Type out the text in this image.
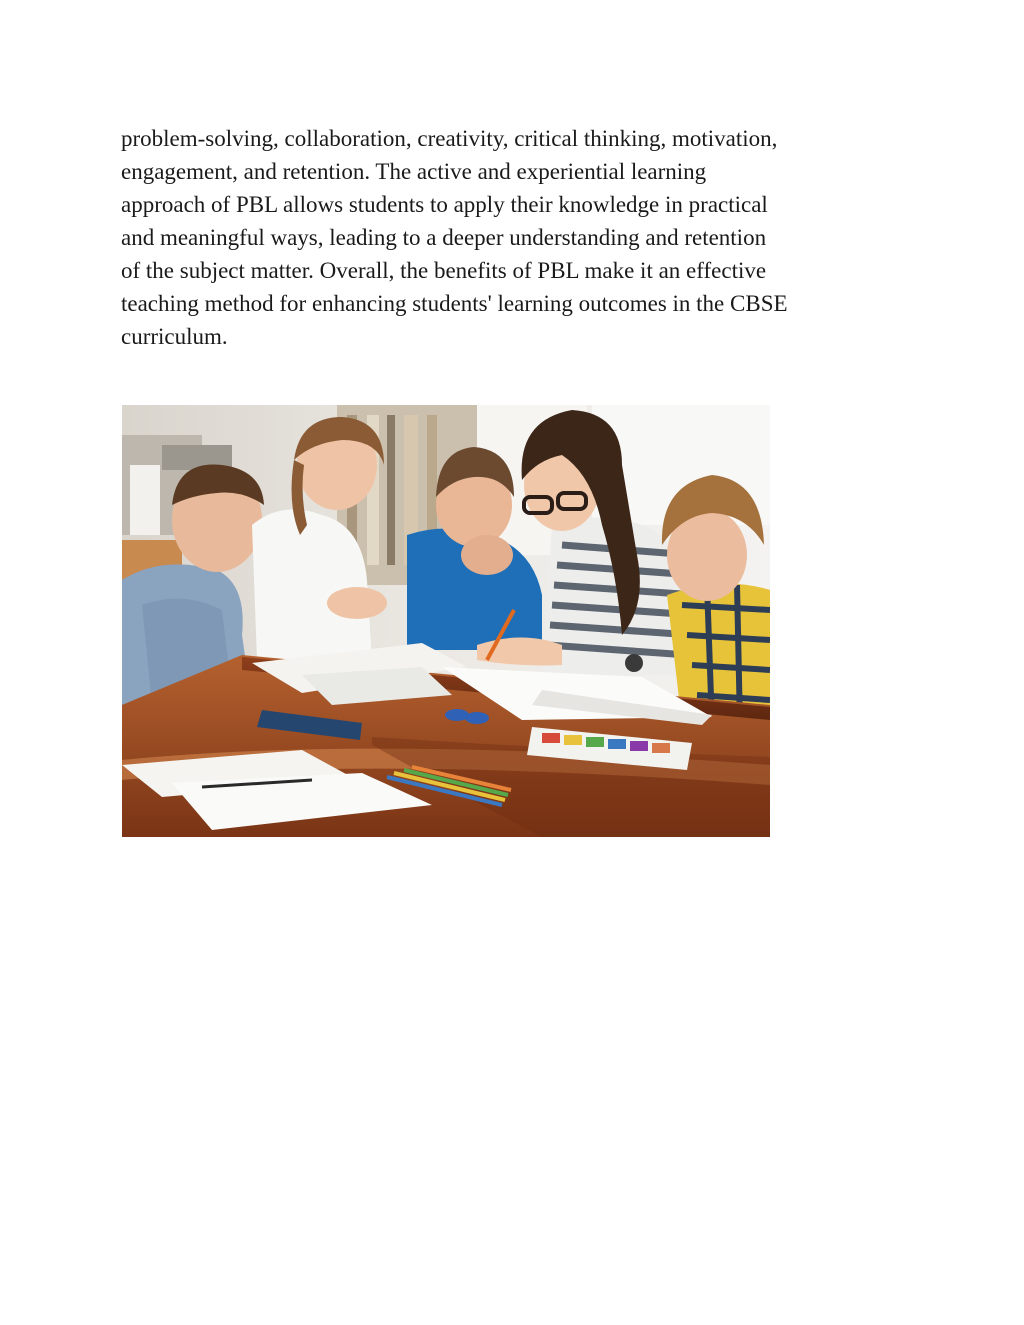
problem-solving, collaboration, creativity, critical thinking, motivation,
engagement, and retention. The active and experiential learning
approach of PBL allows students to apply their knowledge in practical
and meaningful ways, leading to a deeper understanding and retention
of the subject matter. Overall, the benefits of PBL make it an effective
teaching method for enhancing students' learning outcomes in the CBSE
curriculum.
